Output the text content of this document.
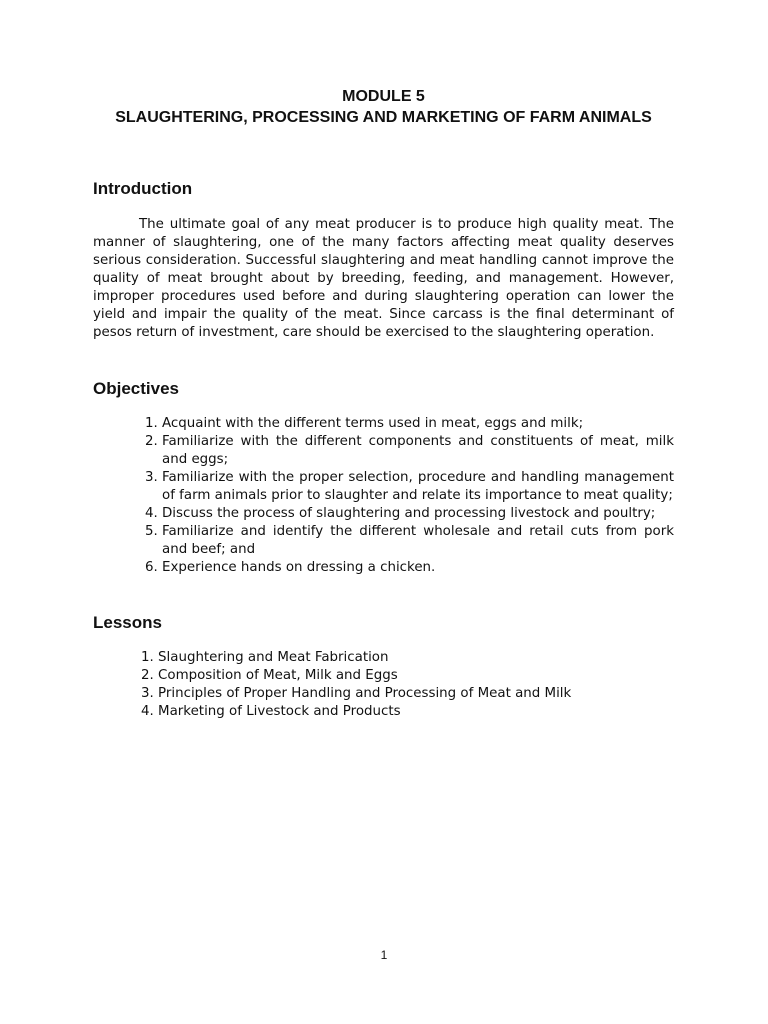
MODULE 5
SLAUGHTERING, PROCESSING AND MARKETING OF FARM ANIMALS
Introduction

The ultimate goal of any meat producer is to produce high quality meat. The manner of slaughtering, one of the many factors affecting meat quality deserves serious consideration. Successful slaughtering and meat handling cannot improve the quality of meat brought about by breeding, feeding, and management. However, improper procedures used before and during slaughtering operation can lower the yield and impair the quality of the meat. Since carcass is the final determinant of pesos return of investment, care should be exercised to the slaughtering operation.

Objectives
1. Acquaint with the different terms used in meat, eggs and milk;
2. Familiarize with the different components and constituents of meat, milk and eggs;
3. Familiarize with the proper selection, procedure and handling management of farm animals prior to slaughter and relate its importance to meat quality;
4. Discuss the process of slaughtering and processing livestock and poultry;
5. Familiarize and identify the different wholesale and retail cuts from pork and beef; and
6. Experience hands on dressing a chicken.
Lessons
1. Slaughtering and Meat Fabrication
2. Composition of Meat, Milk and Eggs
3. Principles of Proper Handling and Processing of Meat and Milk
4. Marketing of Livestock and Products
1
